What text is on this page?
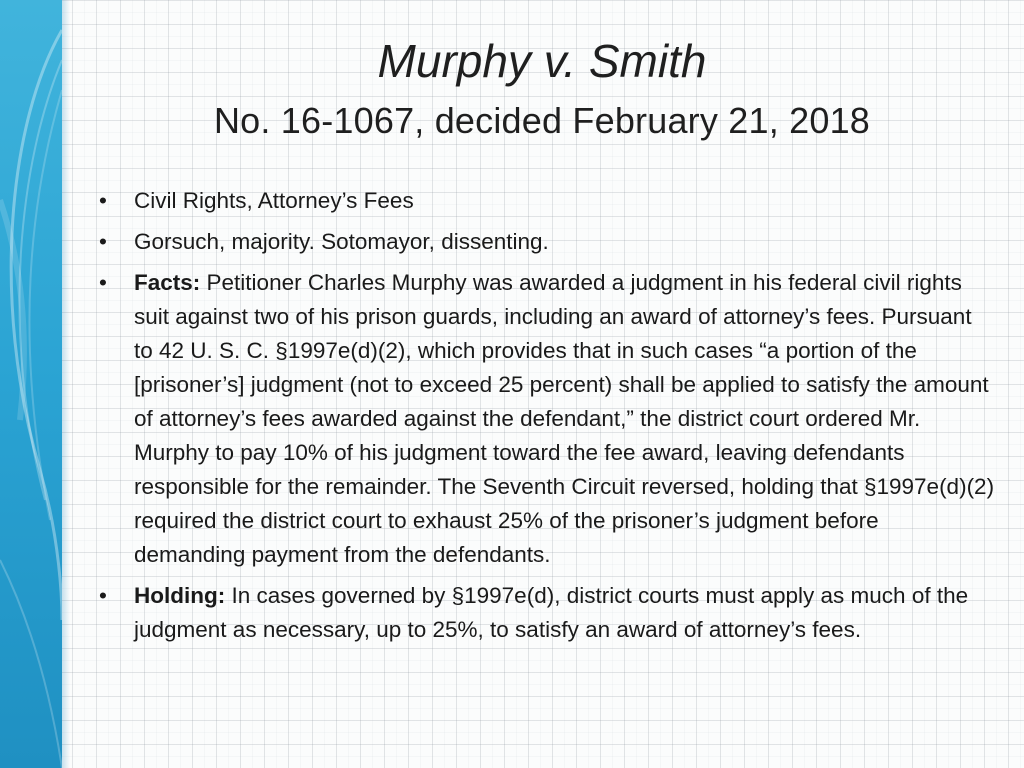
Murphy v. Smith
No. 16-1067, decided February 21, 2018
• Civil Rights, Attorney’s Fees
• Gorsuch, majority. Sotomayor, dissenting.
• Facts: Petitioner Charles Murphy was awarded a judgment in his federal civil rights suit against two of his prison guards, including an award of attorney’s fees. Pursuant to 42 U. S. C. §1997e(d)(2), which provides that in such cases “a portion of the [prisoner’s] judgment (not to exceed 25 percent) shall be applied to satisfy the amount of attorney’s fees awarded against the defendant,” the district court ordered Mr. Murphy to pay 10% of his judgment toward the fee award, leaving defendants responsible for the remainder. The Seventh Circuit reversed, holding that §1997e(d)(2) required the district court to exhaust 25% of the prisoner’s judgment before demanding payment from the defendants.
• Holding: In cases governed by §1997e(d), district courts must apply as much of the judgment as necessary, up to 25%, to satisfy an award of attorney’s fees.
